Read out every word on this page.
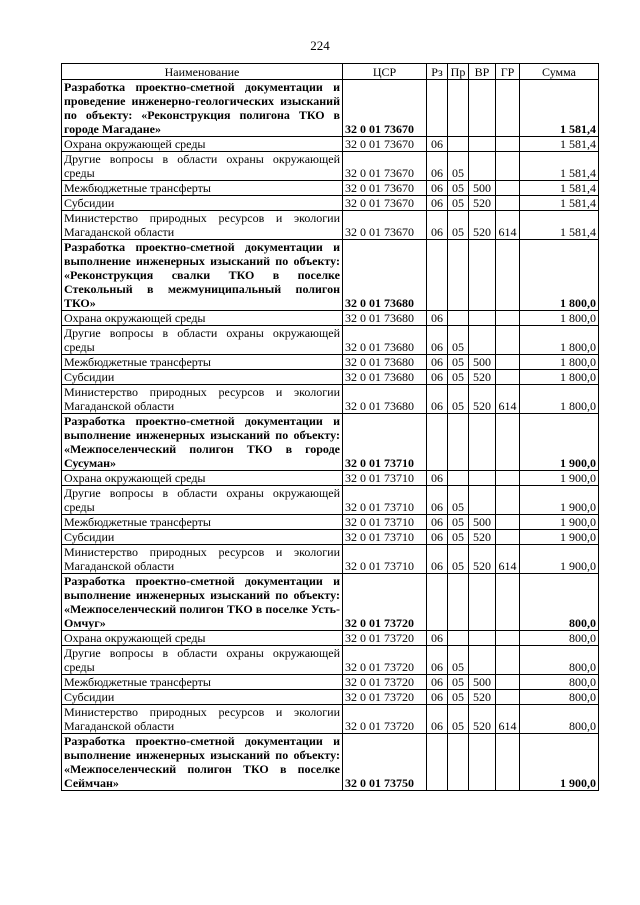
224
Наименование	ЦСР	Рз	Пр	ВР	ГР	Сумма
Разработка проектно-сметной документации и проведение инженерно-геологических изысканий по объекту: «Реконструкция полигона ТКО в городе Магадане»	32 0 01 73670					1 581,4
Охрана окружающей среды	32 0 01 73670	06				1 581,4
Другие вопросы в области охраны окружающей среды	32 0 01 73670	06	05			1 581,4
Межбюджетные трансферты	32 0 01 73670	06	05	500		1 581,4
Субсидии	32 0 01 73670	06	05	520		1 581,4
Министерство природных ресурсов и экологии Магаданской области	32 0 01 73670	06	05	520	614	1 581,4
Разработка проектно-сметной документации и выполнение инженерных изысканий по объекту: «Реконструкция свалки ТКО в поселке Стекольный в межмуниципальный полигон ТКО»	32 0 01 73680					1 800,0
Охрана окружающей среды	32 0 01 73680	06				1 800,0
Другие вопросы в области охраны окружающей среды	32 0 01 73680	06	05			1 800,0
Межбюджетные трансферты	32 0 01 73680	06	05	500		1 800,0
Субсидии	32 0 01 73680	06	05	520		1 800,0
Министерство природных ресурсов и экологии Магаданской области	32 0 01 73680	06	05	520	614	1 800,0
Разработка проектно-сметной документации и выполнение инженерных изысканий по объекту: «Межпоселенческий полигон ТКО в городе Сусуман»	32 0 01 73710					1 900,0
Охрана окружающей среды	32 0 01 73710	06				1 900,0
Другие вопросы в области охраны окружающей среды	32 0 01 73710	06	05			1 900,0
Межбюджетные трансферты	32 0 01 73710	06	05	500		1 900,0
Субсидии	32 0 01 73710	06	05	520		1 900,0
Министерство природных ресурсов и экологии Магаданской области	32 0 01 73710	06	05	520	614	1 900,0
Разработка проектно-сметной документации и выполнение инженерных изысканий по объекту: «Межпоселенческий полигон ТКО в поселке Усть-Омчуг»	32 0 01 73720					800,0
Охрана окружающей среды	32 0 01 73720	06				800,0
Другие вопросы в области охраны окружающей среды	32 0 01 73720	06	05			800,0
Межбюджетные трансферты	32 0 01 73720	06	05	500		800,0
Субсидии	32 0 01 73720	06	05	520		800,0
Министерство природных ресурсов и экологии Магаданской области	32 0 01 73720	06	05	520	614	800,0
Разработка проектно-сметной документации и выполнение инженерных изысканий по объекту: «Межпоселенческий полигон ТКО в поселке Сеймчан»	32 0 01 73750					1 900,0
